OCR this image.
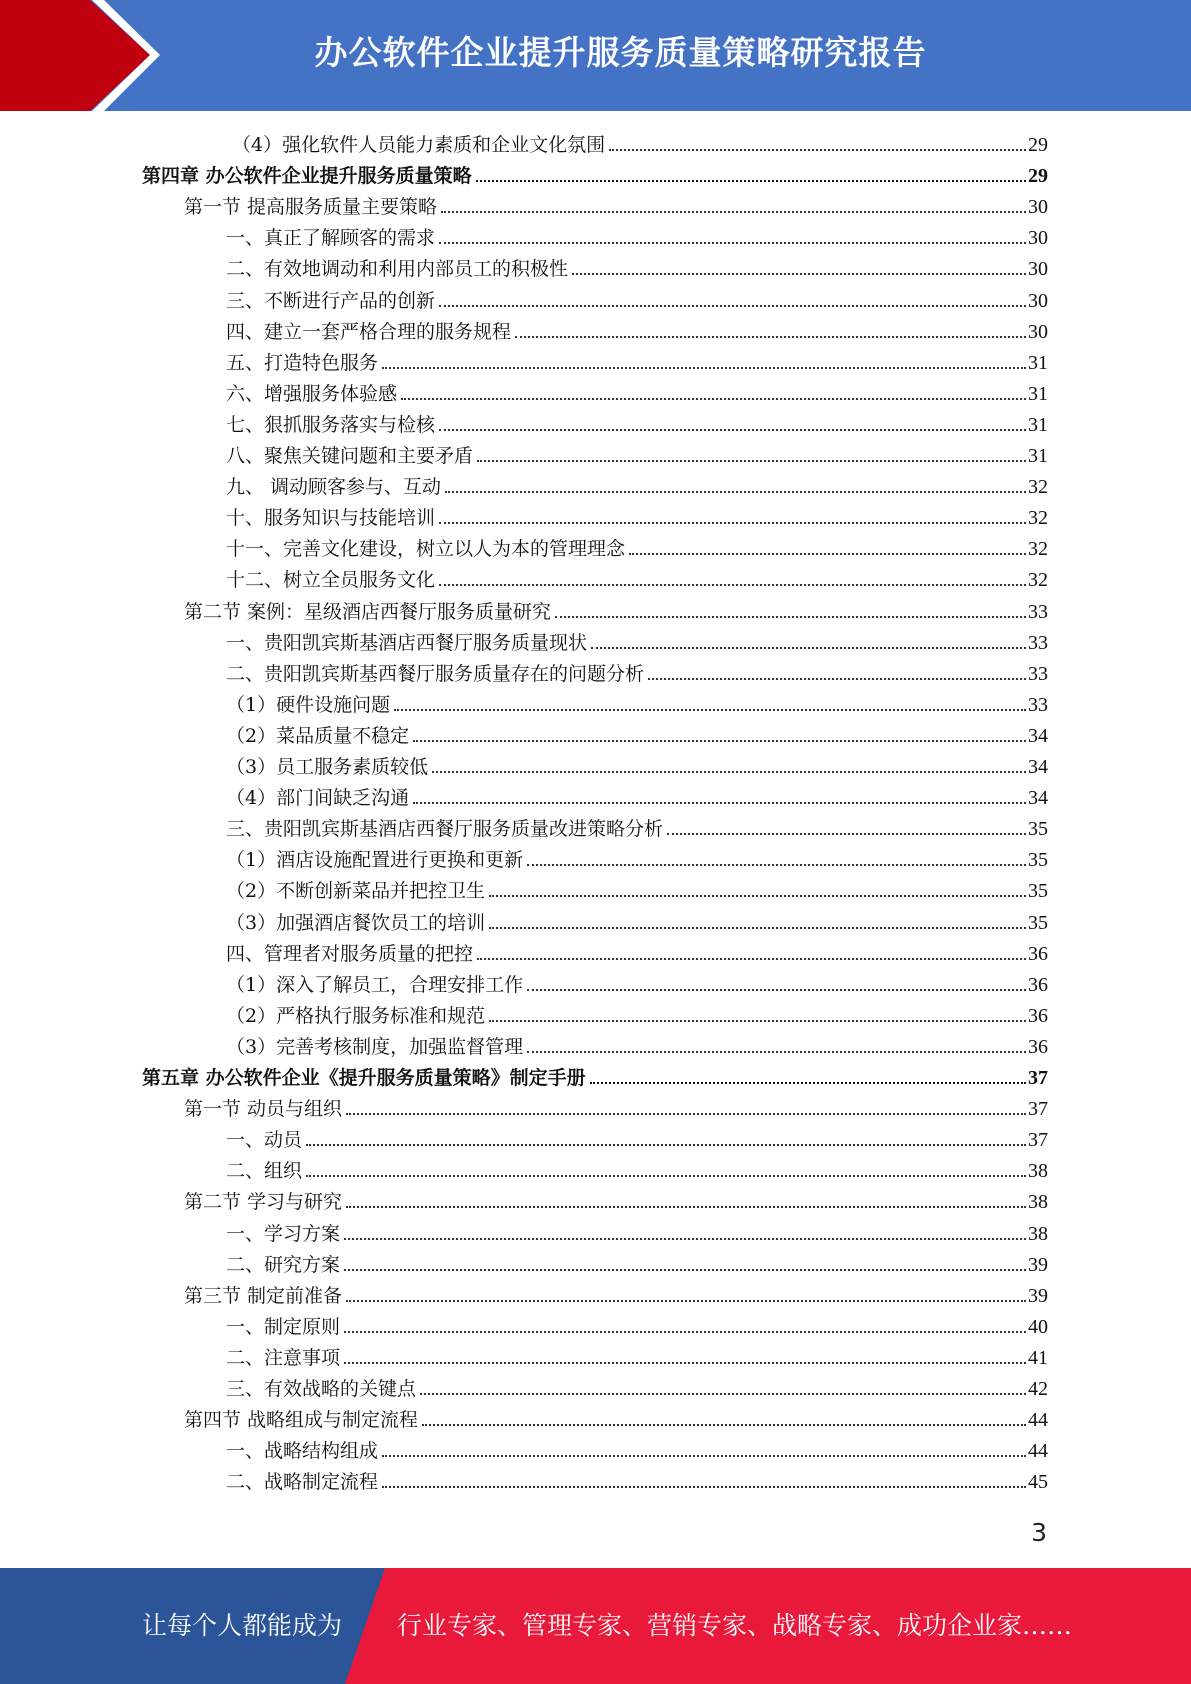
办公软件企业提升服务质量策略研究报告
（4）强化软件人员能力素质和企业文化氛围	29
第四章 办公软件企业提升服务质量策略	29
第一节 提高服务质量主要策略	30
一、真正了解顾客的需求	30
二、有效地调动和利用内部员工的积极性	30
三、不断进行产品的创新	30
四、建立一套严格合理的服务规程	30
五、打造特色服务	31
六、增强服务体验感	31
七、狠抓服务落实与检核	31
八、聚焦关键问题和主要矛盾	31
九、 调动顾客参与、互动	32
十、服务知识与技能培训	32
十一、完善文化建设，树立以人为本的管理理念	32
十二、树立全员服务文化	32
第二节 案例：星级酒店西餐厅服务质量研究	33
一、贵阳凯宾斯基酒店西餐厅服务质量现状	33
二、贵阳凯宾斯基西餐厅服务质量存在的问题分析	33
（1）硬件设施问题	33
（2）菜品质量不稳定	34
（3）员工服务素质较低	34
（4）部门间缺乏沟通	34
三、贵阳凯宾斯基酒店西餐厅服务质量改进策略分析	35
（1）酒店设施配置进行更换和更新	35
（2）不断创新菜品并把控卫生	35
（3）加强酒店餐饮员工的培训	35
四、管理者对服务质量的把控	36
（1）深入了解员工，合理安排工作	36
（2）严格执行服务标准和规范	36
（3）完善考核制度，加强监督管理	36
第五章 办公软件企业《提升服务质量策略》制定手册	37
第一节 动员与组织	37
一、动员	37
二、组织	38
第二节 学习与研究	38
一、学习方案	38
二、研究方案	39
第三节 制定前准备	39
一、制定原则	40
二、注意事项	41
三、有效战略的关键点	42
第四节 战略组成与制定流程	44
一、战略结构组成	44
二、战略制定流程	45
3
让每个人都能成为 行业专家、管理专家、营销专家、战略专家、成功企业家……
